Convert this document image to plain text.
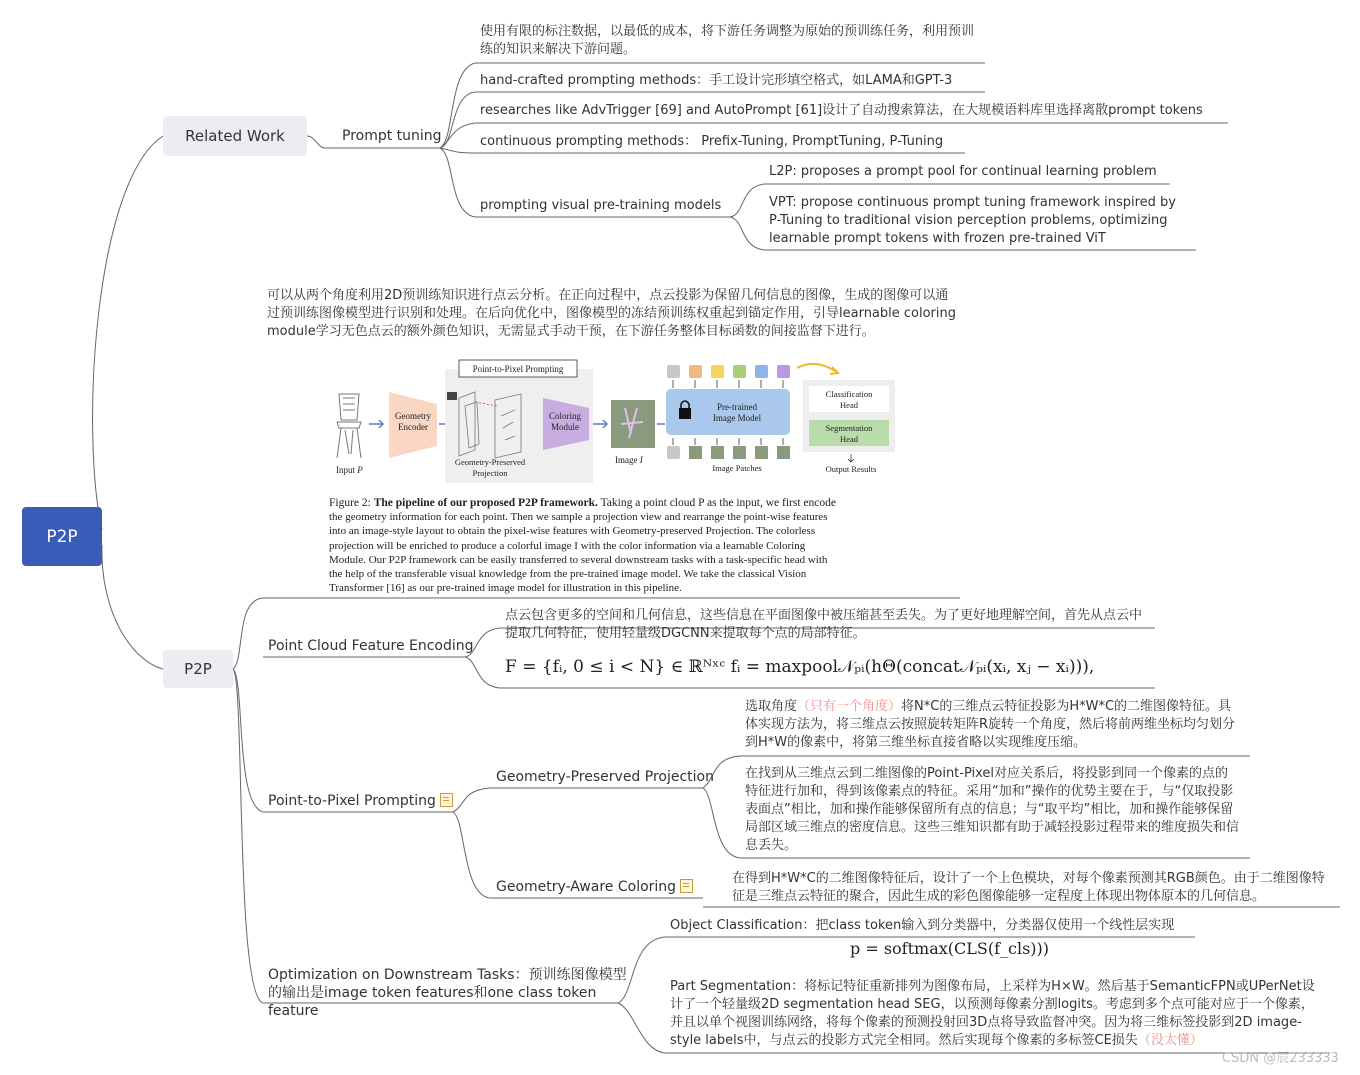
P2P
Related Work	Prompt tuning
使用有限的标注数据，以最低的成本，将下游任务调整为原始的预训练任务，利用预训练的知识来解决下游问题。
hand-crafted prompting methods：手工设计完形填空格式，如LAMA和GPT-3
researches like AdvTrigger [69] and AutoPrompt [61]设计了自动搜索算法，在大规模语料库里选择离散prompt tokens
continuous prompting methods： Prefix-Tuning, PromptTuning, P-Tuning
prompting visual pre-training models
L2P: proposes a prompt pool for continual learning problem
VPT: propose continuous prompt tuning framework inspired by P-Tuning to traditional vision perception problems, optimizing learnable prompt tokens with frozen pre-trained ViT
可以从两个角度利用2D预训练知识进行点云分析。在正向过程中，点云投影为保留几何信息的图像，生成的图像可以通过预训练图像模型进行识别和处理。在后向优化中，图像模型的冻结预训练权重起到锚定作用，引导learnable coloring module学习无色点云的额外颜色知识，无需显式手动干预，在下游任务整体目标函数的间接监督下进行。
Input P
Geometry
Encoder
Point-to-Pixel Prompting
Geometry-Preserved
Projection
Coloring
Module
Image I
Pre-trained
Image Model
Image Patches
Classification
Head
Segmentation
Head
Output Results
Figure 2: The pipeline of our proposed P2P framework. Taking a point cloud P as the input, we first encode
the geometry information for each point. Then we sample a projection view and rearrange the point-wise features
into an image-style layout to obtain the pixel-wise features with Geometry-preserved Projection. The colorless
projection will be enriched to produce a colorful image I with the color information via a learnable Coloring
Module. Our P2P framework can be easily transferred to several downstream tasks with a task-specific head with
the help of the transferable visual knowledge from the pre-trained image model. We take the classical Vision
Transformer [16] as our pre-trained image model for illustration in this pipeline.
P2P
Point Cloud Feature Encoding
点云包含更多的空间和几何信息，这些信息在平面图像中被压缩甚至丢失。为了更好地理解空间，首先从点云中提取几何特征，使用轻量级DGCNN来提取每个点的局部特征。
F = {fᵢ, 0 ≤ i < N} ∈ ℝᴺˣᶜ fᵢ = maxpool𝒩ₚᵢ(hΘ(concat𝒩ₚᵢ(xᵢ, xⱼ − xᵢ))),
Point-to-Pixel Prompting
Geometry-Preserved Projection
选取角度（只有一个角度）将N*C的三维点云特征投影为H*W*C的二维图像特征。具体实现方法为，将三维点云按照旋转矩阵R旋转一个角度，然后将前两维坐标均匀划分到H*W的像素中，将第三维坐标直接省略以实现维度压缩。
在找到从三维点云到二维图像的Point-Pixel对应关系后，将投影到同一个像素的点的特征进行加和，得到该像素点的特征。采用“加和”操作的优势主要在于，与“仅取投影表面点”相比，加和操作能够保留所有点的信息；与“取平均”相比，加和操作能够保留局部区域三维点的密度信息。这些三维知识都有助于减轻投影过程带来的维度损失和信息丢失。
Geometry-Aware Coloring
在得到H*W*C的二维图像特征后，设计了一个上色模块，对每个像素预测其RGB颜色。由于二维图像特征是三维点云特征的聚合，因此生成的彩色图像能够一定程度上体现出物体原本的几何信息。
Optimization on Downstream Tasks：预训练图像模型的输出是image token features和one class token feature
Object Classification：把class token输入到分类器中，分类器仅使用一个线性层实现
p = softmax(CLS(f_cls)))
Part Segmentation：将标记特征重新排列为图像布局，上采样为H×W。然后基于SemanticFPN或UPerNet设计了一个轻量级2D segmentation head SEG，以预测每像素分割logits。考虑到多个点可能对应于一个像素，并且以单个视图训练网络，将每个像素的预测投射回3D点将导致监督冲突。因为将三维标签投影到2D image-style labels中，与点云的投影方式完全相同。然后实现每个像素的多标签CE损失（没太懂）
CSDN @辰233333
